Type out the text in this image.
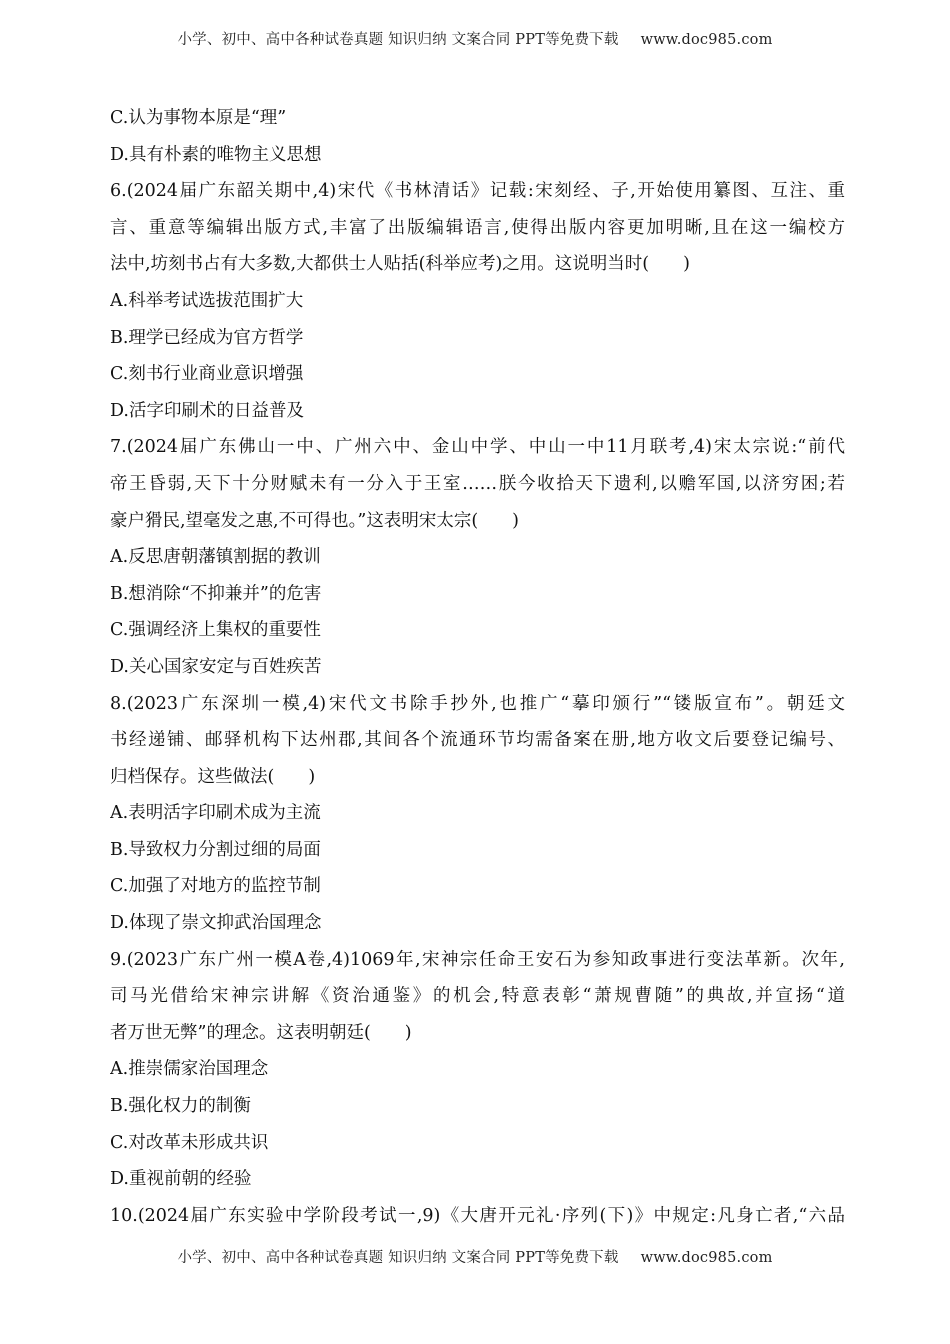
小学、初中、高中各种试卷真题 知识归纳 文案合同 PPT等免费下载 www.doc985.com
C.认为事物本原是“理”
D.具有朴素的唯物主义思想
6.(2024届广东韶关期中,4)宋代《书林清话》记载:宋刻经、子,开始使用纂图、互注、重
言、重意等编辑出版方式,丰富了出版编辑语言,使得出版内容更加明晰,且在这一编校方
法中,坊刻书占有大多数,大都供士人贴括(科举应考)之用。这说明当时( )
A.科举考试选拔范围扩大
B.理学已经成为官方哲学
C.刻书行业商业意识增强
D.活字印刷术的日益普及
7.(2024届广东佛山一中、广州六中、金山中学、中山一中11月联考,4)宋太宗说:“前代
帝王昏弱,天下十分财赋未有一分入于王室……朕今收拾天下遗利,以赡军国,以济穷困;若
豪户猾民,望毫发之惠,不可得也。”这表明宋太宗( )
A.反思唐朝藩镇割据的教训
B.想消除“不抑兼并”的危害
C.强调经济上集权的重要性
D.关心国家安定与百姓疾苦
8.(2023广东深圳一模,4)宋代文书除手抄外,也推广“摹印颁行”“镂版宣布”。朝廷文
书经递铺、邮驿机构下达州郡,其间各个流通环节均需备案在册,地方收文后要登记编号、
归档保存。这些做法( )
A.表明活字印刷术成为主流
B.导致权力分割过细的局面
C.加强了对地方的监控节制
D.体现了崇文抑武治国理念
9.(2023广东广州一模A卷,4)1069年,宋神宗任命王安石为参知政事进行变法革新。次年,
司马光借给宋神宗讲解《资治通鉴》的机会,特意表彰“萧规曹随”的典故,并宣扬“道
者万世无弊”的理念。这表明朝廷( )
A.推崇儒家治国理念
B.强化权力的制衡
C.对改革未形成共识
D.重视前朝的经验
10.(2024届广东实验中学阶段考试一,9)《大唐开元礼·序列(下)》中规定:凡身亡者,“六品
小学、初中、高中各种试卷真题 知识归纳 文案合同 PPT等免费下载 www.doc985.com
